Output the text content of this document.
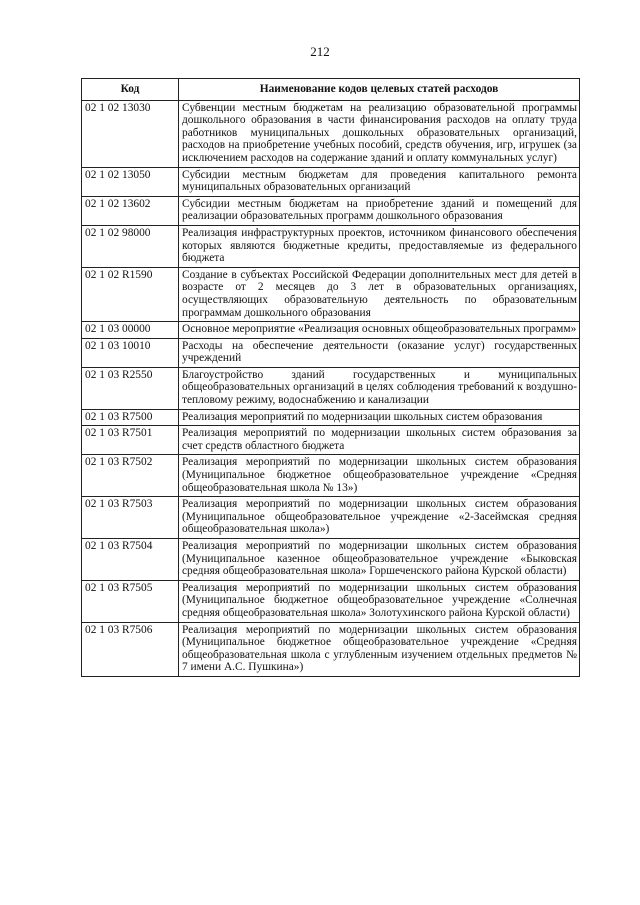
212
Код	Наименование кодов целевых статей расходов
02 1 02 13030	Субвенции местным бюджетам на реализацию образовательной программы дошкольного образования в части финансирования расходов на оплату труда работников муниципальных дошкольных образовательных организаций, расходов на приобретение учебных пособий, средств обучения, игр, игрушек (за исключением расходов на содержание зданий и оплату коммунальных услуг)
02 1 02 13050	Субсидии местным бюджетам для проведения капитального ремонта муниципальных образовательных организаций
02 1 02 13602	Субсидии местным бюджетам на приобретение зданий и помещений для реализации образовательных программ дошкольного образования
02 1 02 98000	Реализация инфраструктурных проектов, источником финансового обеспечения которых являются бюджетные кредиты, предоставляемые из федерального бюджета
02 1 02 R1590	Создание в субъектах Российской Федерации дополнительных мест для детей в возрасте от 2 месяцев до 3 лет в образовательных организациях, осуществляющих образовательную деятельность по образовательным программам дошкольного образования
02 1 03 00000	Основное мероприятие «Реализация основных общеобразовательных программ»
02 1 03 10010	Расходы на обеспечение деятельности (оказание услуг) государственных учреждений
02 1 03 R2550	Благоустройство зданий государственных и муниципальных общеобразовательных организаций в целях соблюдения требований к воздушно-тепловому режиму, водоснабжению и канализации
02 1 03 R7500	Реализация мероприятий по модернизации школьных систем образования
02 1 03 R7501	Реализация мероприятий по модернизации школьных систем образования за счет средств областного бюджета
02 1 03 R7502	Реализация мероприятий по модернизации школьных систем образования (Муниципальное бюджетное общеобразовательное учреждение «Средняя общеобразовательная школа № 13»)
02 1 03 R7503	Реализация мероприятий по модернизации школьных систем образования (Муниципальное общеобразовательное учреждение «2-Засеймская средняя общеобразовательная школа»)
02 1 03 R7504	Реализация мероприятий по модернизации школьных систем образования (Муниципальное казенное общеобразовательное учреждение «Быковская средняя общеобразовательная школа» Горшеченского района Курской области)
02 1 03 R7505	Реализация мероприятий по модернизации школьных систем образования (Муниципальное бюджетное общеобразовательное учреждение «Солнечная средняя общеобразовательная школа» Золотухинского района Курской области)
02 1 03 R7506	Реализация мероприятий по модернизации школьных систем образования (Муниципальное бюджетное общеобразовательное учреждение «Средняя общеобразовательная школа с углубленным изучением отдельных предметов № 7 имени А.С. Пушкина»)
